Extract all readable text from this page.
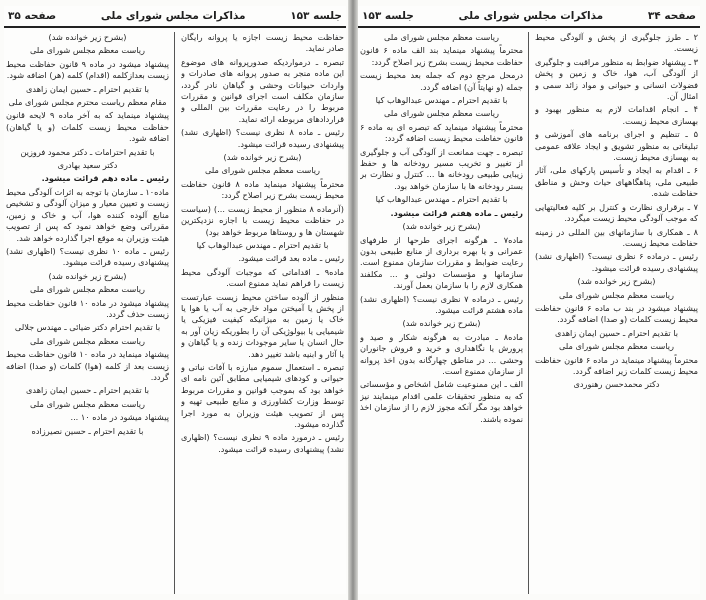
جلسه ۱۵۳
مذاکرات مجلس شورای ملی
صفحه ۳۵

حفاظت محیط زیست اجازه یا پروانه رایگان صادر نماید.

تبصره ـ درمواردیکه صدورپروانه های موضوع این ماده منجر به صدور پروانه های صادرات و واردات حیوانات وحشی و گیاهان نادر گردد، سازمان مکلف است اجرای قوانین و مقررات مربوط را در رعایت مقررات بین المللی و قراردادهای مربوطه ارائه نماید.

رئیس ـ ماده ۸ نظری نیست؟ (اظهاری نشد) پیشنهادی رسیده قرائت میشود.

(بشرح زیر خوانده شد)

ریاست معظم مجلس شورای ملی

محترماً پیشنهاد مینماید ماده ۸ قانون حفاظت محیط زیست بشرح زیر اصلاح گردد:

(آنرماده ۸ منظور از محیط زیست ...) (سیاست در حفاظت محیط زیست با اجازه نزدیکترین شهستان ها و روستاها مربوط خواهد بود)

با تقدیم احترام ـ مهندس عبدالوهاب کیا

رئیس ـ ماده بعد قرائت میشود.

ماده۹ ـ اقداماتی که موجبات آلودگی محیط زیست را فراهم نماید ممنوع است.

منظور از آلوده ساختن محیط زیست عبارتست از پخش یا آمیختن مواد خارجی به آب یا هوا یا خاک یا زمین به میزانیکه کیفیت فیزیکی یا شیمیایی یا بیولوژیکی آن را بطوریکه زیان آور به حال انسان یا سایر موجودات زنده و یا گیاهان و یا آثار و ابنیه باشد تغییر دهد.

تبصره ـ استعمال سموم مبارزه با آفات نباتی و حیوانی و کودهای شیمیایی مطابق آئین نامه ای خواهد بود که بموجب قوانین و مقررات مربوط توسط وزارت کشاورزی و منابع طبیعی تهیه و پس از تصویب هیئت وزیران به مورد اجرا گذارده میشود.

رئیس ـ درمورد ماده ۹ نظری نیست؟ (اظهاری نشد) پیشنهادی رسیده قرائت میشود.

(بشرح زیر خوانده شد)

ریاست معظم مجلس شورای ملی

پیشنهاد میشود در ماده ۹ قانون حفاظت محیط زیست بعدازکلمه (اقدام) کلمه (هر) اضافه شود.

با تقدیم احترام ـ حسین ایمان زاهدی

مقام معظم ریاست محترم مجلس شورای ملی

پیشنهاد مینماید که به آخر ماده ۹ لایحه قانون حفاظت محیط زیست کلمات (و یا گیاهان) اضافه شود.

با تقدیم احترامات ـ دکتر محمود فروزین

دکتر سعید بهادری

رئیس ـ ماده دهم قرائت میشود.

ماده۱۰ ـ سازمان با توجه به اثرات آلودگی محیط زیست و تعیین معیار و میزان آلودگی و تشخیص منابع آلوده کننده هوا، آب و خاک و زمین، مقرراتی وضع خواهد نمود که پس از تصویب هیئت وزیران به موقع اجرا گذارده خواهد شد.

رئیس ـ ماده ۱۰ نظری نیست؟ (اظهاری نشد) پیشنهادی رسیده قرائت میشود.

(بشرح زیر خوانده شد)

ریاست معظم مجلس شورای ملی

پیشنهاد میشود در ماده ۱۰ قانون حفاظت محیط زیست حذف گردد.

با تقدیم احترام دکتر ضیائی ـ مهندس جلالی

ریاست معظم مجلس شورای ملی

پیشنهاد مینماید در ماده ۱۰ قانون حفاظت محیط زیست بعد از کلمه (هوا) کلمات (و صدا) اضافه گردد.

با تقدیم احترام ـ حسین ایمان زاهدی

ریاست معظم مجلس شورای ملی

پیشنهاد میشود در ماده ۱۰ ...

با تقدیم احترام ـ حسین نصیرزاده

صفحه ۳۴
مذاکرات مجلس شورای ملی
جلسه ۱۵۳

۲ ـ طرز جلوگیری از پخش و آلودگی محیط زیست.

۳ ـ پیشنهاد ضوابط به منظور مراقبت و جلوگیری از آلودگی آب، هوا، خاک و زمین و پخش فضولات انسانی و حیوانی و مواد زائد سمی و امثال آن.

۴ ـ انجام اقدامات لازم به منظور بهبود و بهسازی محیط زیست.

۵ ـ تنظیم و اجرای برنامه های آموزشی و تبلیغاتی به منظور تشویق و ایجاد علاقه عمومی به بهسازی محیط زیست.

۶ ـ اقدام به ایجاد و تأسیس پارکهای ملی، آثار طبیعی ملی، پناهگاههای حیات وحش و مناطق حفاظت شده.

۷ ـ برقراری نظارت و کنترل بر کلیه فعالیتهایی که موجب آلودگی محیط زیست میگردد.

۸ ـ همکاری با سازمانهای بین المللی در زمینه حفاظت محیط زیست.

رئیس ـ درماده ۶ نظری نیست؟ (اظهاری نشد) پیشنهادی رسیده قرائت میشود.

(بشرح زیر خوانده شد)

ریاست معظم مجلس شورای ملی

پیشنهاد میشود در بند ب ماده ۶ قانون حفاظت محیط زیست کلمات (و صدا) اضافه گردد.

با تقدیم احترام ـ حسین ایمان زاهدی

ریاست معظم مجلس شورای ملی

محترماً پیشنهاد مینماید در ماده ۶ قانون حفاظت محیط زیست کلمات زیر اضافه گردد.

دکتر محمدحسن رهنوردی

ریاست معظم مجلس شورای ملی

محترماً پیشنهاد مینماید بند الف ماده ۶ قانون حفاظت محیط زیست بشرح زیر اصلاح گردد:

درمحل مرجع دوم که جمله بعد محیط زیست جمله (و نهایتاً آن) اضافه گردد.

با تقدیم احترام ـ مهندس عبدالوهاب کیا

ریاست معظم مجلس شورای ملی

محترماً پیشنهاد مینماید که تبصره ای به ماده ۶ قانون حفاظت محیط زیست اضافه گردد:

تبصره ـ جهت ممانعت از آلودگی آب و جلوگیری از تغییر و تخریب مسیر رودخانه ها و حفظ زیبایی طبیعی رودخانه ها ... کنترل و نظارت بر بستر رودخانه ها با سازمان خواهد بود.

با تقدیم احترام ـ مهندس عبدالوهاب کیا

رئیس ـ ماده هفتم قرائت میشود.

(بشرح زیر خوانده شد)

ماده۷ ـ هرگونه اجرای طرحها از طرفهای عمرانی و یا بهره برداری از منابع طبیعی بدون رعایت ضوابط و مقررات سازمان ممنوع است. سازمانها و مؤسسات دولتی و ... مکلفند همکاری لازم را با سازمان بعمل آورند.

رئیس ـ درماده ۷ نظری نیست؟ (اظهاری نشد) ماده هشتم قرائت میشود.

(بشرح زیر خوانده شد)

ماده۸ ـ مبادرت به هرگونه شکار و صید و پرورش یا نگاهداری و خرید و فروش جانوران وحشی ... در مناطق چهارگانه بدون اخذ پروانه از سازمان ممنوع است.

الف ـ این ممنوعیت شامل اشخاص و مؤسساتی که به منظور تحقیقات علمی اقدام مینمایند نیز خواهد بود مگر آنکه مجوز لازم را از سازمان اخذ نموده باشند.
